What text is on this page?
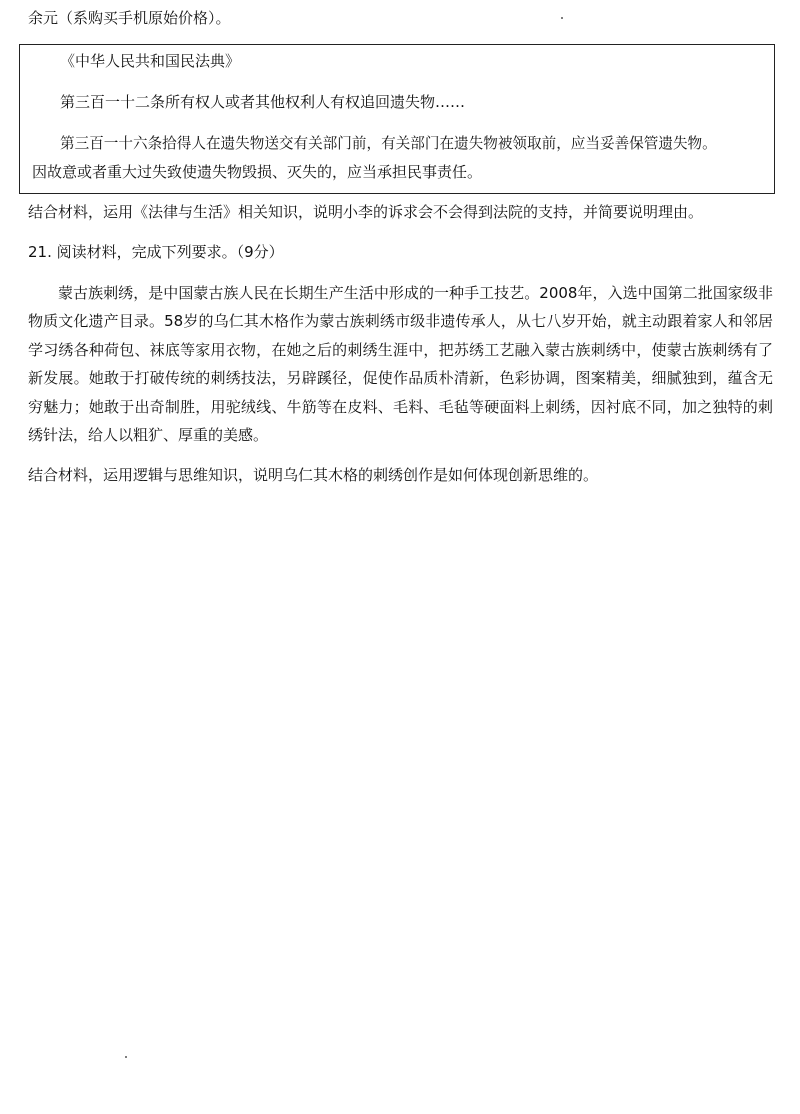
余元（系购买手机原始价格）。
《中华人民共和国民法典》
第三百一十二条所有权人或者其他权利人有权追回遗失物……
第三百一十六条拾得人在遗失物送交有关部门前，有关部门在遗失物被领取前，应当妥善保管遗失物。
因故意或者重大过失致使遗失物毁损、灭失的，应当承担民事责任。
结合材料，运用《法律与生活》相关知识，说明小李的诉求会不会得到法院的支持，并简要说明理由。
21. 阅读材料，完成下列要求。（9分）
蒙古族刺绣，是中国蒙古族人民在长期生产生活中形成的一种手工技艺。2008年，入选中国第二批国家级非物质文化遗产目录。58岁的乌仁其木格作为蒙古族刺绣市级非遗传承人，从七八岁开始，就主动跟着家人和邻居学习绣各种荷包、袜底等家用衣物，在她之后的刺绣生涯中，把苏绣工艺融入蒙古族刺绣中，使蒙古族刺绣有了新发展。她敢于打破传统的刺绣技法，另辟蹊径，促使作品质朴清新，色彩协调，图案精美，细腻独到，蕴含无穷魅力；她敢于出奇制胜，用驼绒线、牛筋等在皮料、毛料、毛毡等硬面料上刺绣，因衬底不同，加之独特的刺绣针法，给人以粗犷、厚重的美感。
结合材料，运用逻辑与思维知识，说明乌仁其木格的刺绣创作是如何体现创新思维的。
